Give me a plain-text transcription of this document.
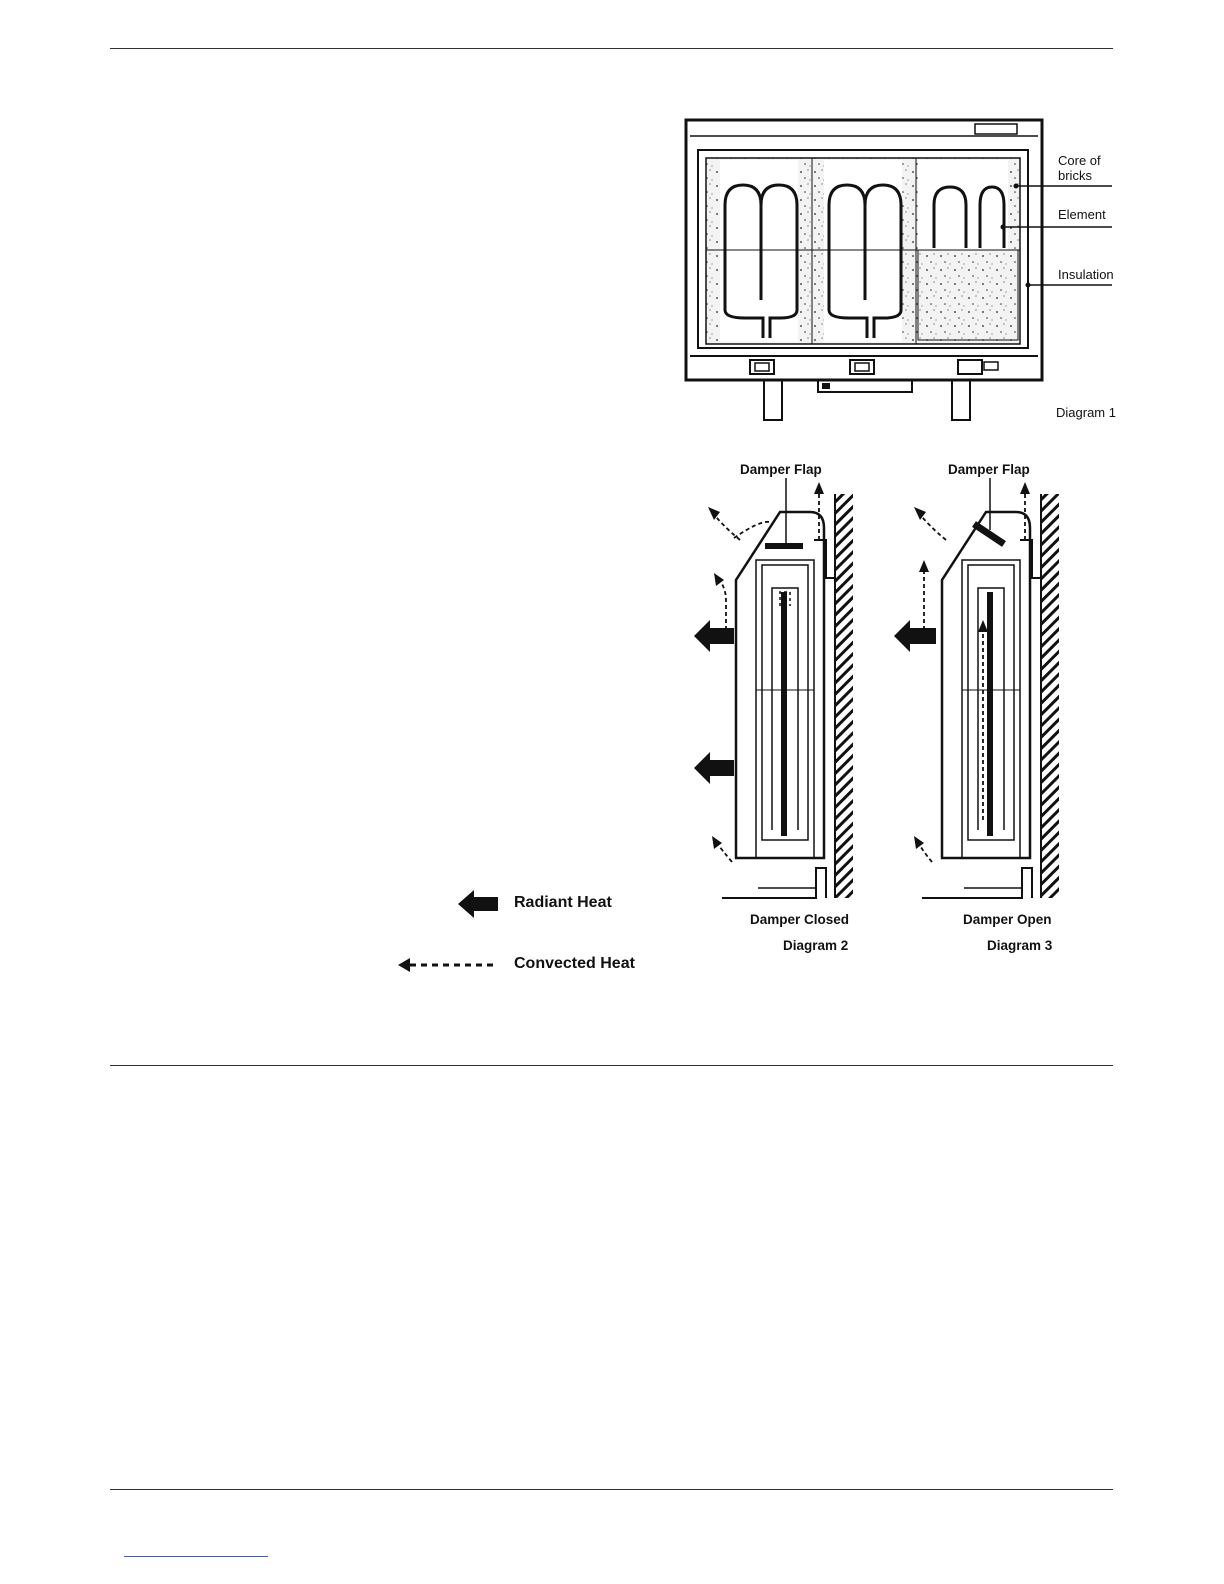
Core of
bricks
Element
Insulation
Diagram 1
Damper Flap
Damper Closed
Diagram 2
Damper Flap
Damper Open
Diagram 3
Radiant Heat
Convected Heat
